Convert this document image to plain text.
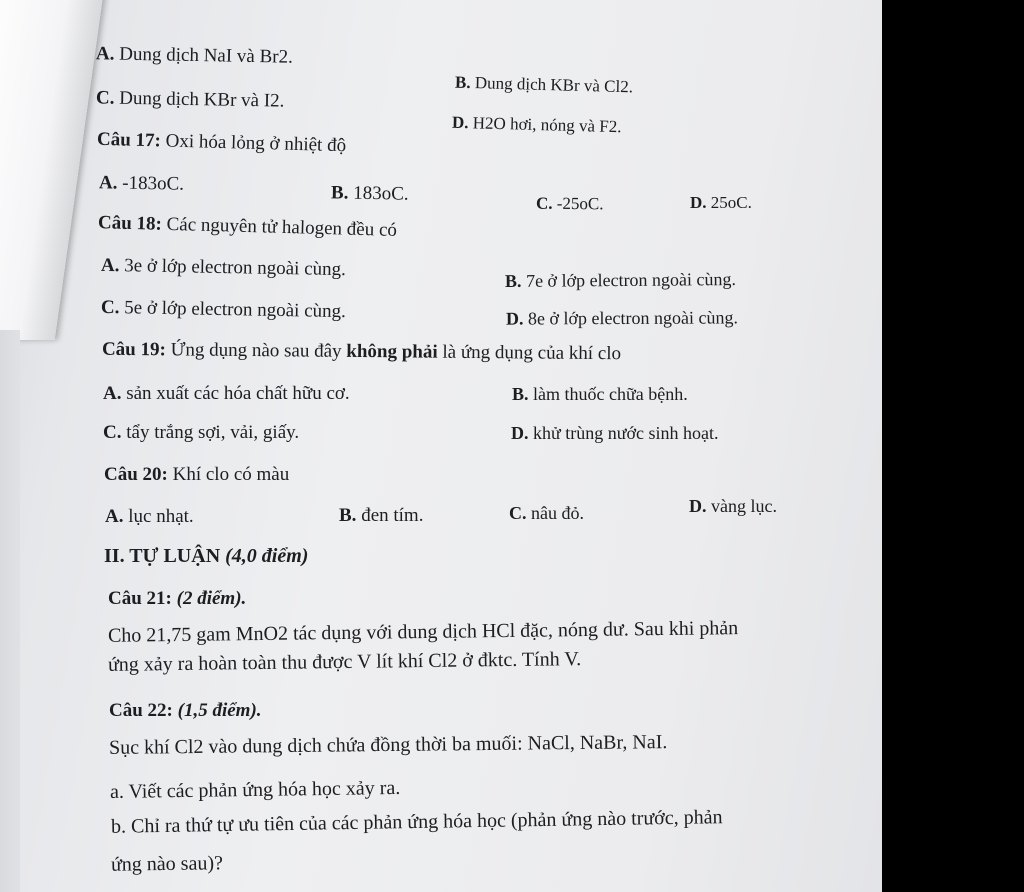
A. Dung dịch NaI và Br2.
B. Dung dịch KBr và Cl2.
C. Dung dịch KBr và I2.
D. H2O hơi, nóng và F2.
Câu 17: Oxi hóa lỏng ở nhiệt độ
A. -183oC.	B. 183oC.	C. -25oC.	D. 25oC.
Câu 18: Các nguyên tử halogen đều có
A. 3e ở lớp electron ngoài cùng.
B. 7e ở lớp electron ngoài cùng.
C. 5e ở lớp electron ngoài cùng.	D. 8e ở lớp electron ngoài cùng.
Câu 19: Ứng dụng nào sau đây không phải là ứng dụng của khí clo
A. sản xuất các hóa chất hữu cơ.	B. làm thuốc chữa bệnh.
C. tẩy trắng sợi, vải, giấy.	D. khử trùng nước sinh hoạt.
Câu 20: Khí clo có màu
A. lục nhạt.	B. đen tím.	C. nâu đỏ.	D. vàng lục.
II. TỰ LUẬN (4,0 điểm)
Câu 21: (2 điểm).
Cho 21,75 gam MnO2 tác dụng với dung dịch HCl đặc, nóng dư. Sau khi phản
ứng xảy ra hoàn toàn thu được V lít khí Cl2 ở đktc. Tính V.
Câu 22: (1,5 điểm).
Sục khí Cl2 vào dung dịch chứa đồng thời ba muối: NaCl, NaBr, NaI.
a. Viết các phản ứng hóa học xảy ra.
b. Chỉ ra thứ tự ưu tiên của các phản ứng hóa học (phản ứng nào trước, phản
ứng nào sau)?
